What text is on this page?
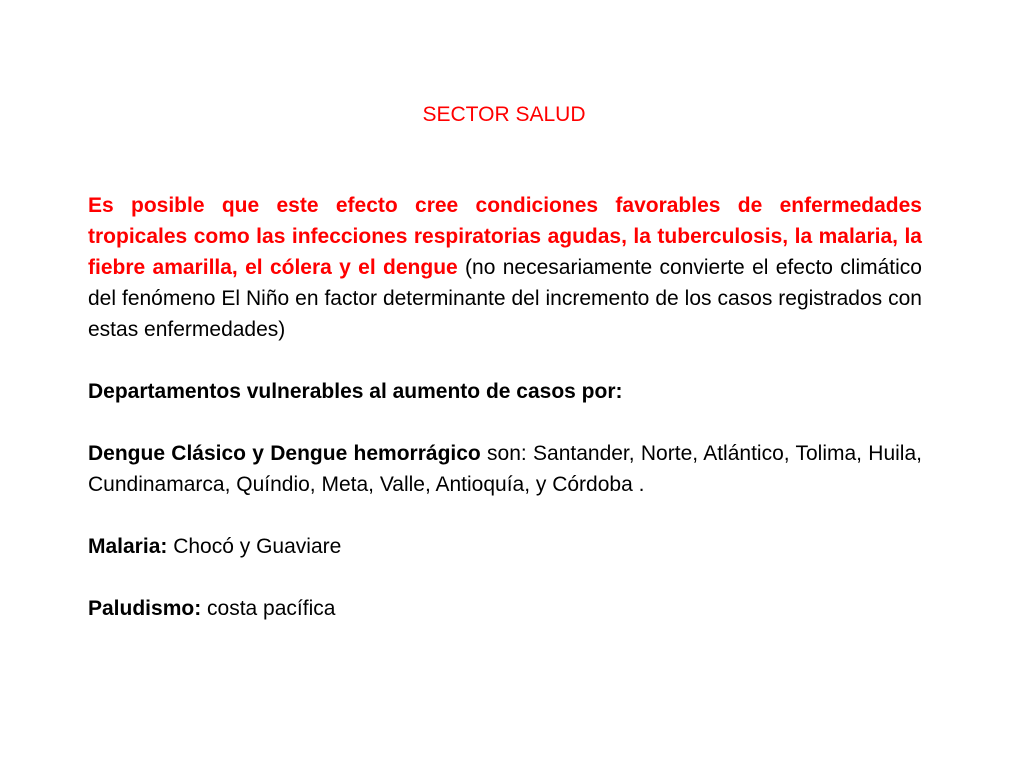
SECTOR SALUD

Es posible que este efecto cree condiciones favorables de enfermedades tropicales como las infecciones respiratorias agudas, la tuberculosis, la malaria, la fiebre amarilla, el cólera y el dengue (no necesariamente convierte el efecto climático del fenómeno El Niño en factor determinante del incremento de los casos registrados con estas enfermedades)

Departamentos vulnerables al aumento de casos por:

Dengue Clásico y Dengue hemorrágico son: Santander, Norte, Atlántico, Tolima, Huila, Cundinamarca, Quíndio, Meta, Valle, Antioquía, y Córdoba .

Malaria: Chocó y Guaviare

Paludismo: costa pacífica
